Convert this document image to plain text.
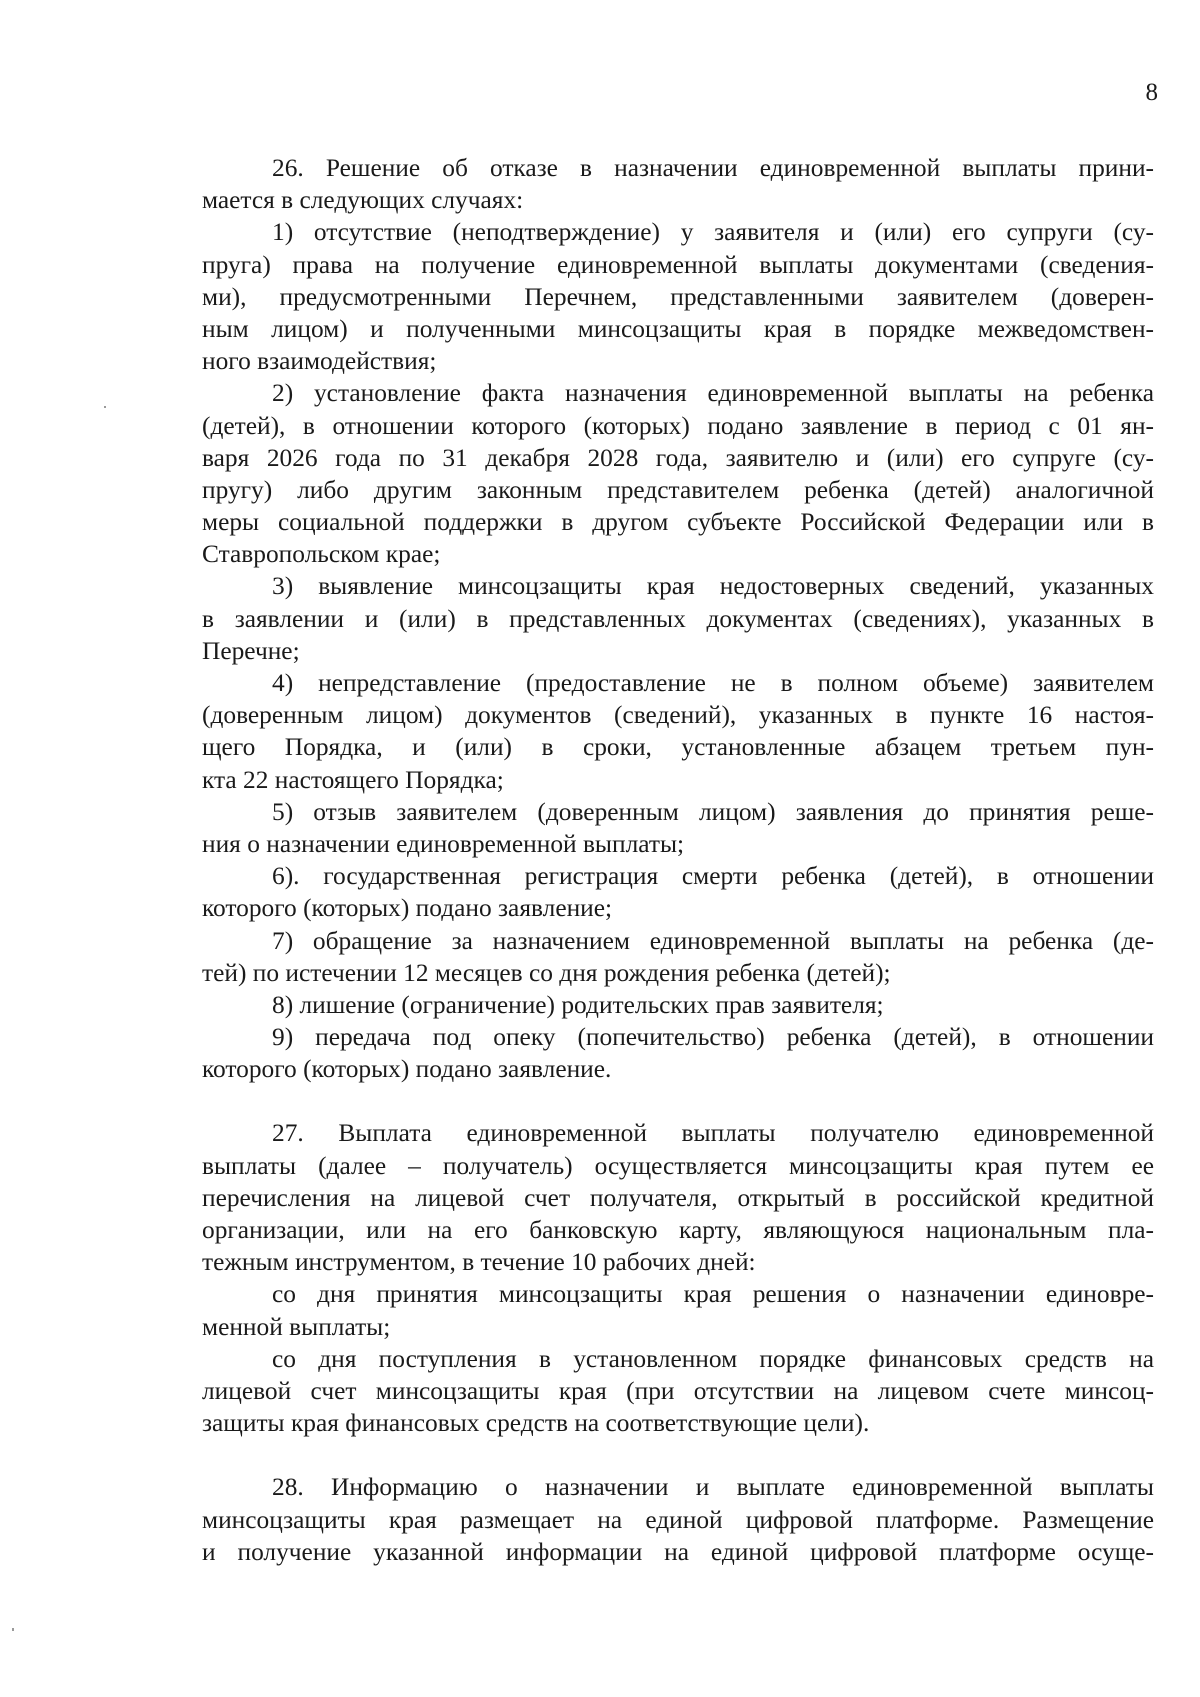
8
26. Решение об отказе в назначении единовременной выплаты прини-
мается в следующих случаях:
1) отсутствие (неподтверждение) у заявителя и (или) его супруги (су-
пруга) права на получение единовременной выплаты документами (сведения-
ми), предусмотренными Перечнем, представленными заявителем (доверен-
ным лицом) и полученными минсоцзащиты края в порядке межведомствен-
ного взаимодействия;
2) установление факта назначения единовременной выплаты на ребенка
(детей), в отношении которого (которых) подано заявление в период с 01 ян-
варя 2026 года по 31 декабря 2028 года, заявителю и (или) его супруге (су-
пругу) либо другим законным представителем ребенка (детей) аналогичной
меры социальной поддержки в другом субъекте Российской Федерации или в
Ставропольском крае;
3) выявление минсоцзащиты края недостоверных сведений, указанных
в заявлении и (или) в представленных документах (сведениях), указанных в
Перечне;
4) непредставление (предоставление не в полном объеме) заявителем
(доверенным лицом) документов (сведений), указанных в пункте 16 настоя-
щего Порядка, и (или) в сроки, установленные абзацем третьем пун-
кта 22 настоящего Порядка;
5) отзыв заявителем (доверенным лицом) заявления до принятия реше-
ния о назначении единовременной выплаты;
6). государственная регистрация смерти ребенка (детей), в отношении
которого (которых) подано заявление;
7) обращение за назначением единовременной выплаты на ребенка (де-
тей) по истечении 12 месяцев со дня рождения ребенка (детей);
8) лишение (ограничение) родительских прав заявителя;
9) передача под опеку (попечительство) ребенка (детей), в отношении
которого (которых) подано заявление.
27. Выплата единовременной выплаты получателю единовременной
выплаты (далее – получатель) осуществляется минсоцзащиты края путем ее
перечисления на лицевой счет получателя, открытый в российской кредитной
организации, или на его банковскую карту, являющуюся национальным пла-
тежным инструментом, в течение 10 рабочих дней:
со дня принятия минсоцзащиты края решения о назначении единовре-
менной выплаты;
со дня поступления в установленном порядке финансовых средств на
лицевой счет минсоцзащиты края (при отсутствии на лицевом счете минсоц-
защиты края финансовых средств на соответствующие цели).
28. Информацию о назначении и выплате единовременной выплаты
минсоцзащиты края размещает на единой цифровой платформе. Размещение
и получение указанной информации на единой цифровой платформе осуще-
